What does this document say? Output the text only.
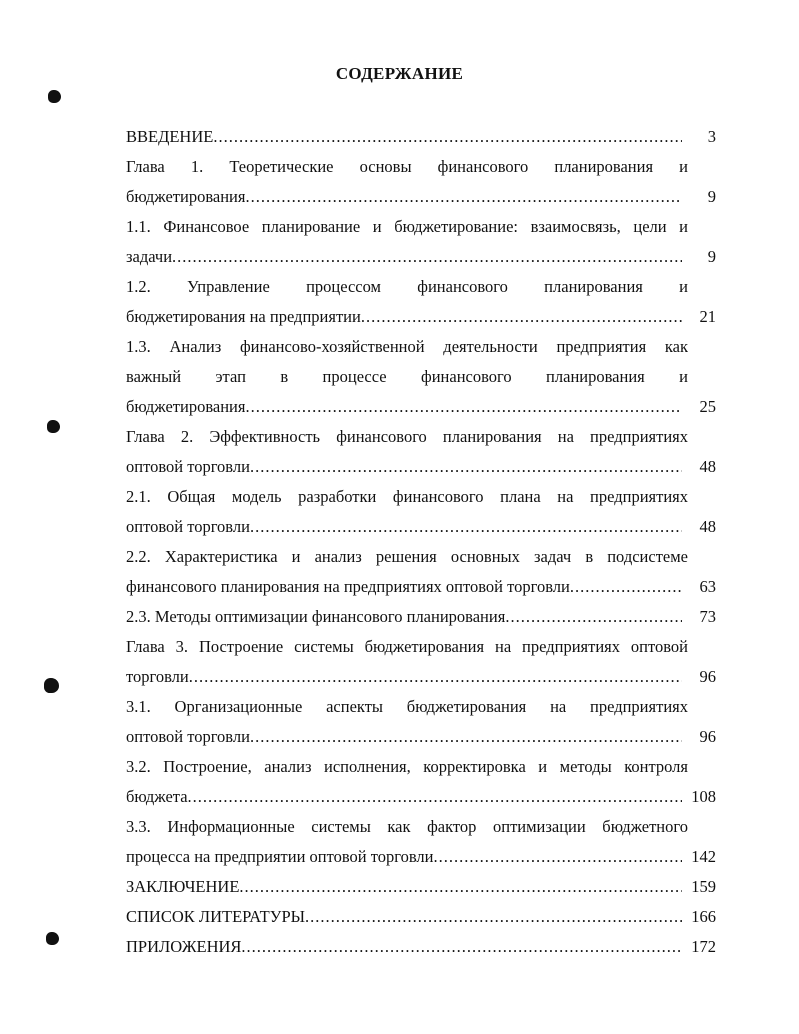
СОДЕРЖАНИЕ
ВВЕДЕНИЕ .....	3
Глава 1. Теоретические основы финансового планирования и
бюджетирования .....	9
1.1. Финансовое планирование и бюджетирование: взаимосвязь, цели и
задачи .....	9
1.2. Управление процессом финансового планирования и
бюджетирования на предприятии .....	21
1.3. Анализ финансово-хозяйственной деятельности предприятия как
важный этап в процессе финансового планирования и
бюджетирования .....	25
Глава 2. Эффективность финансового планирования на предприятиях
оптовой торговли .....	48
2.1. Общая модель разработки финансового плана на предприятиях
оптовой торговли .....	48
2.2. Характеристика и анализ решения основных задач в подсистеме
финансового планирования на предприятиях оптовой торговли .....	63
2.3. Методы оптимизации финансового планирования .....	73
Глава 3. Построение системы бюджетирования на предприятиях оптовой
торговли .....	96
3.1. Организационные аспекты бюджетирования на предприятиях
оптовой торговли .....	96
3.2. Построение, анализ исполнения, корректировка и методы контроля
бюджета .....	108
3.3. Информационные системы как фактор оптимизации бюджетного
процесса на предприятии оптовой торговли .....	142
ЗАКЛЮЧЕНИЕ .....	159
СПИСОК ЛИТЕРАТУРЫ .....	166
ПРИЛОЖЕНИЯ .....	172
